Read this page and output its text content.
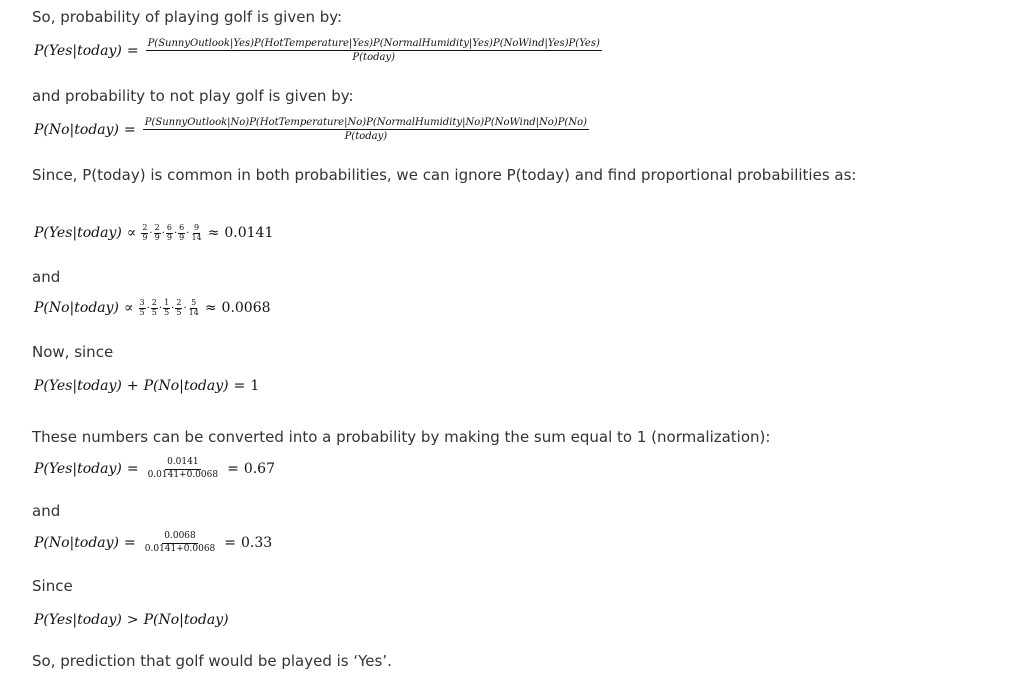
So, probability of playing golf is given by:

P(Yes|today) = P(SunnyOutlook|Yes)P(HotTemperature|Yes)P(NormalHumidity|Yes)P(NoWind|Yes)P(Yes)
P(today)

and probability to not play golf is given by:

P(No|today) = P(SunnyOutlook|No)P(HotTemperature|No)P(NormalHumidity|No)P(NoWind|No)P(No)
P(today)

Since, P(today) is common in both probabilities, we can ignore P(today) and find proportional probabilities as:

P(Yes|today) ∝ $\frac{2}{9} \cdot \frac{2}{9} \cdot \frac{6}{9} \cdot \frac{6}{9} \cdot \frac{9}{14} \approx 0.0141$

and

P(No|today) ∝ $\frac{3}{5} \cdot \frac{2}{5} \cdot \frac{1}{5} \cdot \frac{2}{5} \cdot \frac{5}{14} \approx 0.0068$

Now, since

P(Yes|today) + P(No|today) = 1

These numbers can be converted into a probability by making the sum equal to 1 (normalization):

P(Yes|today) = $\frac{0.0141}{0.0141+0.0068} = 0.67$

and

P(No|today) = $\frac{0.0068}{0.0141+0.0068} = 0.33$

Since

P(Yes|today) > P(No|today)

So, prediction that golf would be played is ‘Yes’.
